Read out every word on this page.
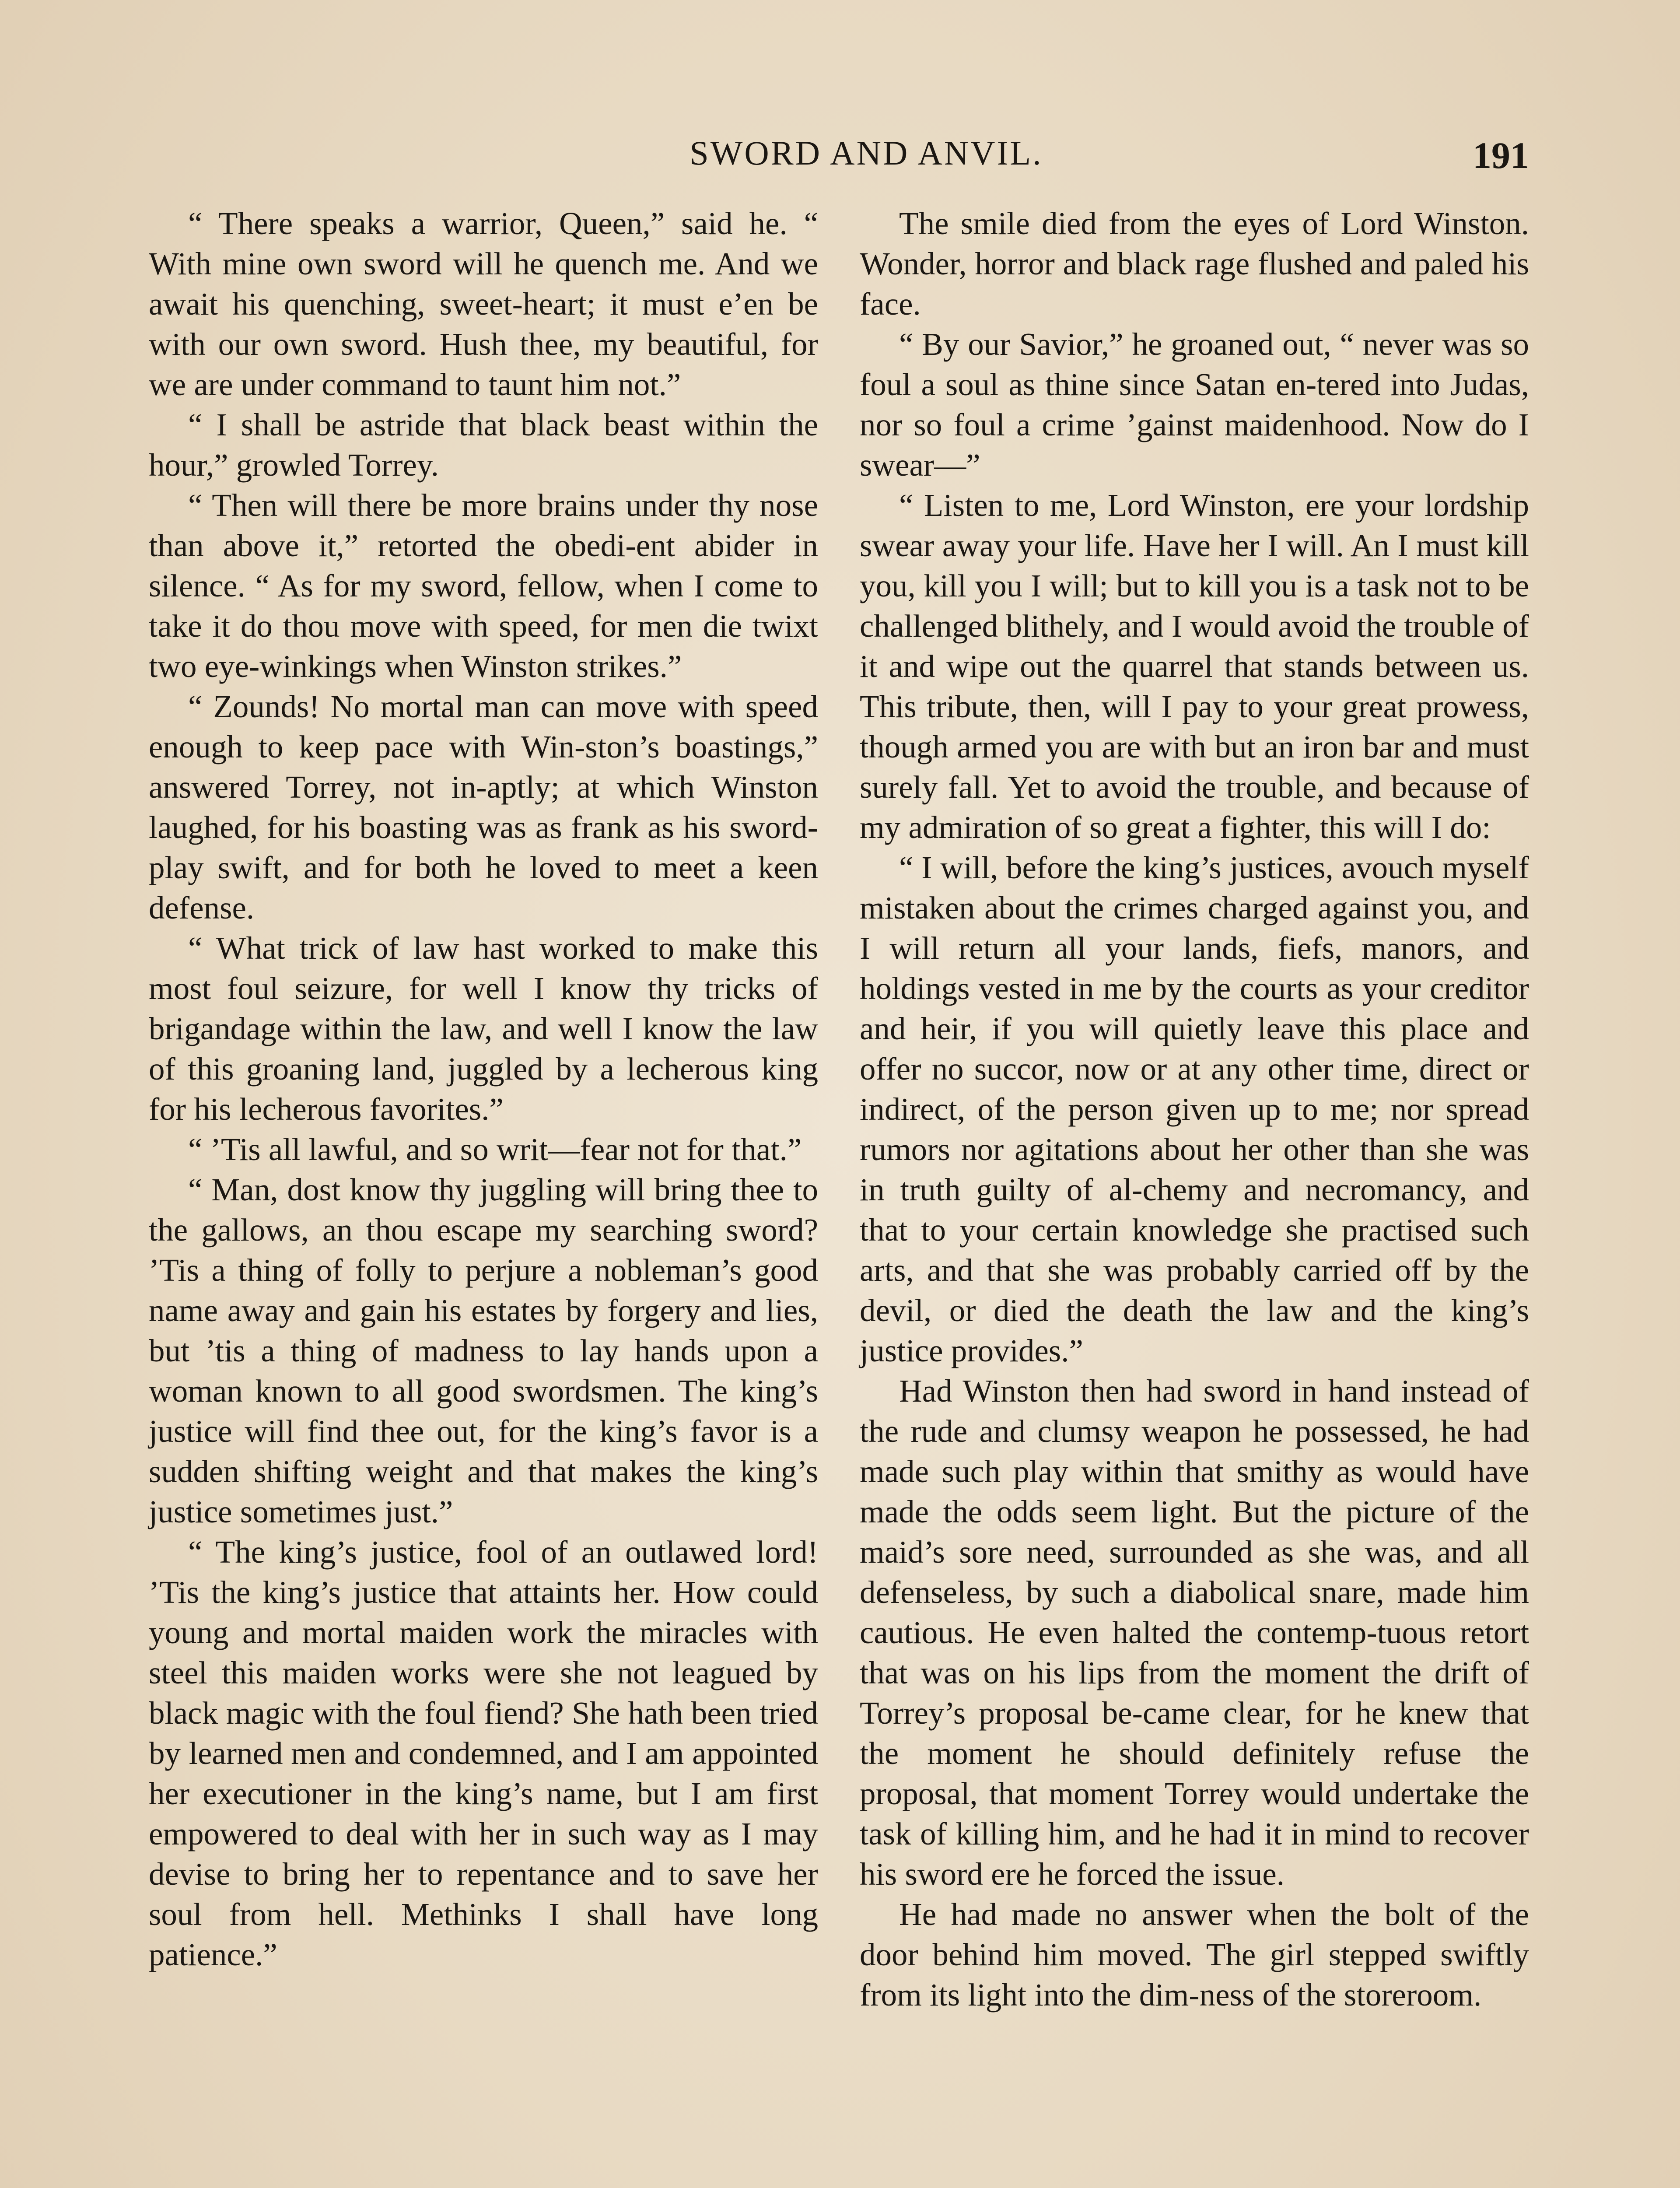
SWORD AND ANVIL.	191

“ There speaks a warrior, Queen,” said he. “ With mine own sword will he quench me. And we await his quenching, sweet-heart; it must e’en be with our own sword. Hush thee, my beautiful, for we are under command to taunt him not.”

“ I shall be astride that black beast within the hour,” growled Torrey.

“ Then will there be more brains under thy nose than above it,” retorted the obedi-ent abider in silence. “ As for my sword, fellow, when I come to take it do thou move with speed, for men die twixt two eye-winkings when Winston strikes.”

“ Zounds! No mortal man can move with speed enough to keep pace with Win-ston’s boastings,” answered Torrey, not in-aptly; at which Winston laughed, for his boasting was as frank as his sword-play swift, and for both he loved to meet a keen defense.

“ What trick of law hast worked to make this most foul seizure, for well I know thy tricks of brigandage within the law, and well I know the law of this groaning land, juggled by a lecherous king for his lecherous favorites.”

“ ’Tis all lawful, and so writ—fear not for that.”

“ Man, dost know thy juggling will bring thee to the gallows, an thou escape my searching sword? ’Tis a thing of folly to perjure a nobleman’s good name away and gain his estates by forgery and lies, but ’tis a thing of madness to lay hands upon a woman known to all good swordsmen. The king’s justice will find thee out, for the king’s favor is a sudden shifting weight and that makes the king’s justice sometimes just.”

“ The king’s justice, fool of an outlawed lord! ’Tis the king’s justice that attaints her. How could young and mortal maiden work the miracles with steel this maiden works were she not leagued by black magic with the foul fiend? She hath been tried by learned men and condemned, and I am appointed her executioner in the king’s name, but I am first empowered to deal with her in such way as I may devise to bring her to repentance and to save her soul from hell. Methinks I shall have long patience.”

The smile died from the eyes of Lord Winston. Wonder, horror and black rage flushed and paled his face.

“ By our Savior,” he groaned out, “ never was so foul a soul as thine since Satan en-tered into Judas, nor so foul a crime ’gainst maidenhood. Now do I swear—”

“ Listen to me, Lord Winston, ere your lordship swear away your life. Have her I will. An I must kill you, kill you I will; but to kill you is a task not to be challenged blithely, and I would avoid the trouble of it and wipe out the quarrel that stands between us. This tribute, then, will I pay to your great prowess, though armed you are with but an iron bar and must surely fall. Yet to avoid the trouble, and because of my admiration of so great a fighter, this will I do:

“ I will, before the king’s justices, avouch myself mistaken about the crimes charged against you, and I will return all your lands, fiefs, manors, and holdings vested in me by the courts as your creditor and heir, if you will quietly leave this place and offer no succor, now or at any other time, direct or indirect, of the person given up to me; nor spread rumors nor agitations about her other than she was in truth guilty of al-chemy and necromancy, and that to your certain knowledge she practised such arts, and that she was probably carried off by the devil, or died the death the law and the king’s justice provides.”

Had Winston then had sword in hand instead of the rude and clumsy weapon he possessed, he had made such play within that smithy as would have made the odds seem light. But the picture of the maid’s sore need, surrounded as she was, and all defenseless, by such a diabolical snare, made him cautious. He even halted the contemp-tuous retort that was on his lips from the moment the drift of Torrey’s proposal be-came clear, for he knew that the moment he should definitely refuse the proposal, that moment Torrey would undertake the task of killing him, and he had it in mind to recover his sword ere he forced the issue.

He had made no answer when the bolt of the door behind him moved. The girl stepped swiftly from its light into the dim-ness of the storeroom.
